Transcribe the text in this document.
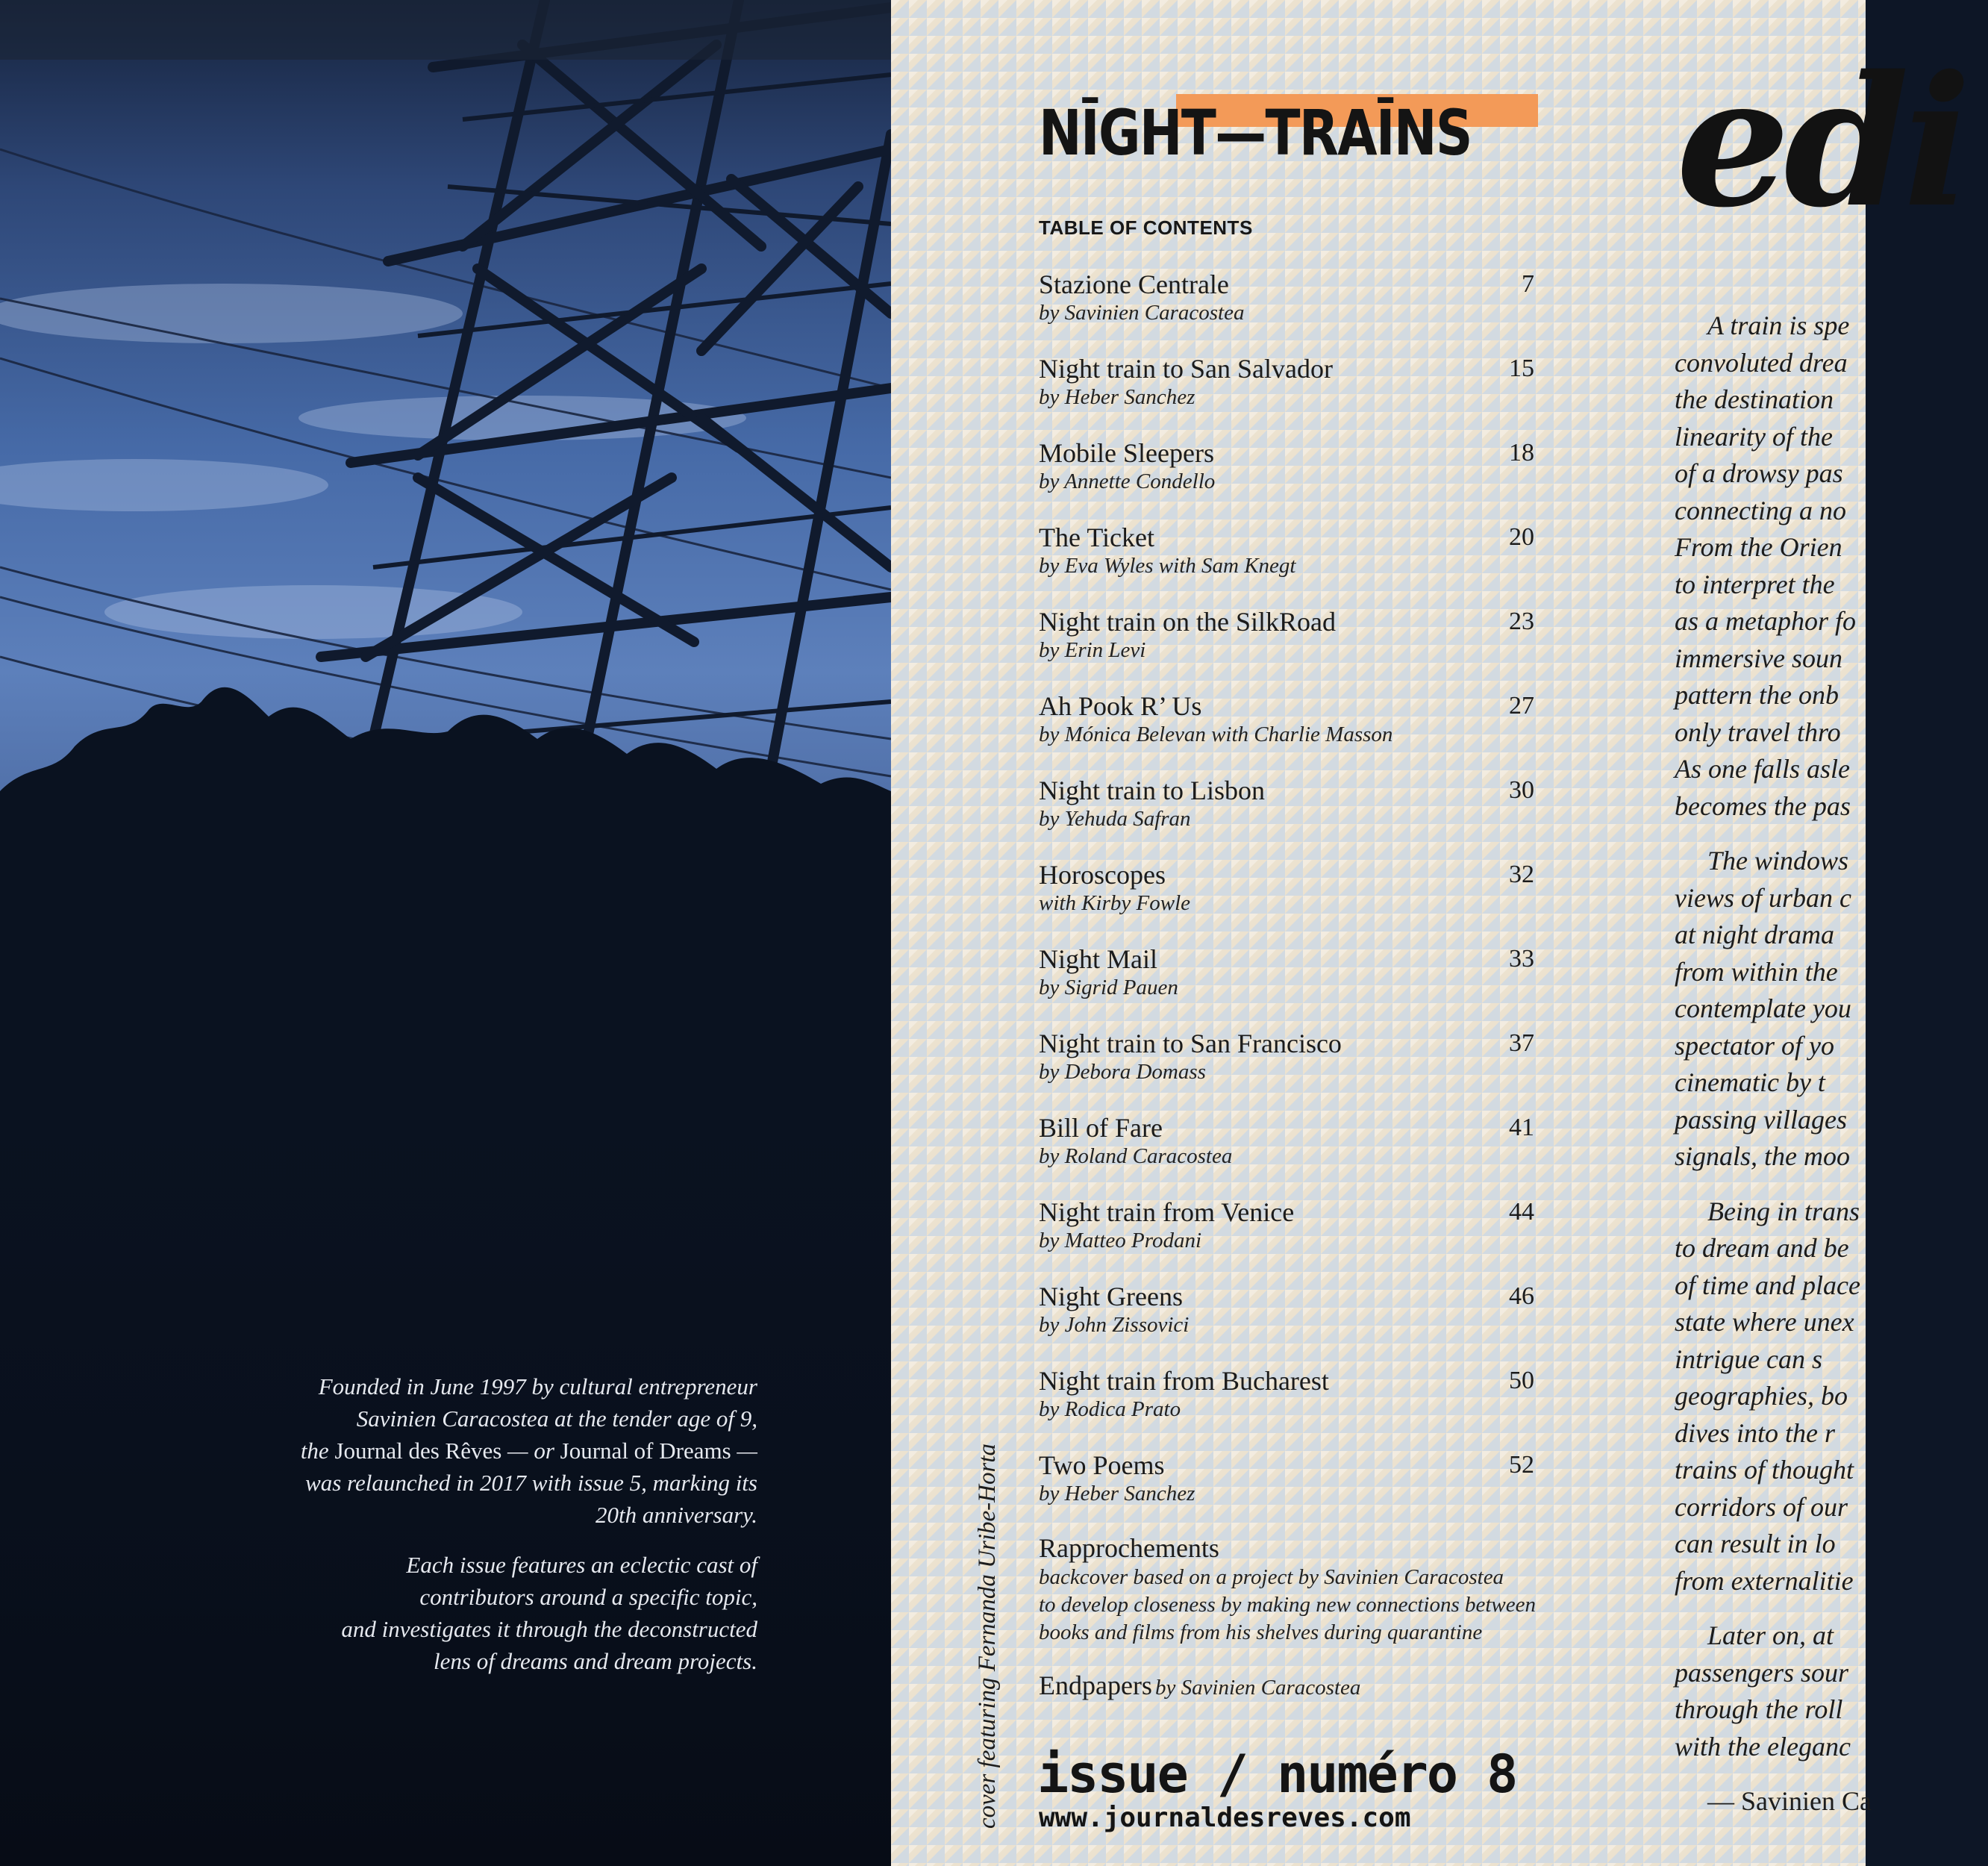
Founded in June 1997 by cultural entrepreneur
Savinien Caracostea at the tender age of 9,
the Journal des Rêves — or Journal of Dreams —
was relaunched in 2017 with issue 5, marking its
20th anniversary.

Each issue features an eclectic cast of
contributors around a specific topic,
and investigates it through the deconstructed
lens of dreams and dream projects.	cover featuring Fernanda Uribe-Horta
NĪGHT—TRAĪNS
TABLE OF CONTENTS
Stazione Centrale
by Savinien Caracostea
7
Night train to San Salvador
by Heber Sanchez
15
Mobile Sleepers
by Annette Condello
18
The Ticket
by Eva Wyles with Sam Knegt
20
Night train on the SilkRoad
by Erin Levi
23
Ah Pook R’ Us
by Mónica Belevan with Charlie Masson
27
Night train to Lisbon
by Yehuda Safran
30
Horoscopes
with Kirby Fowle
32
Night Mail
by Sigrid Pauen
33
Night train to San Francisco
by Debora Domass
37
Bill of Fare
by Roland Caracostea
41
Night train from Venice
by Matteo Prodani
44
Night Greens
by John Zissovici
46
Night train from Bucharest
by Rodica Prato
50
Two Poems
by Heber Sanchez
52
Rapprochements
backcover based on a project by Savinien Caracostea
to develop closeness by making new connections between
books and films from his shelves during quarantine
Endpapers by Savinien Caracostea
issue / numéro 8
www.journaldesreves.com
edi

A train is spe
convoluted drea
the destination
linearity of the
of a drowsy pas
connecting a no
From the Orien
to interpret the
as a metaphor fo
immersive soun
pattern the onb
only travel thro
As one falls asle
becomes the pas

The windows
views of urban c
at night drama
from within the
contemplate you
spectator of yo
cinematic by t
passing villages
signals, the moo

Being in trans
to dream and be
of time and place
state where unex
intrigue can s
geographies, bo
dives into the r
trains of thought
corridors of our
can result in lo
from externalitie

Later on, at
passengers sour
through the roll
with the eleganc

— Savinien Ca
